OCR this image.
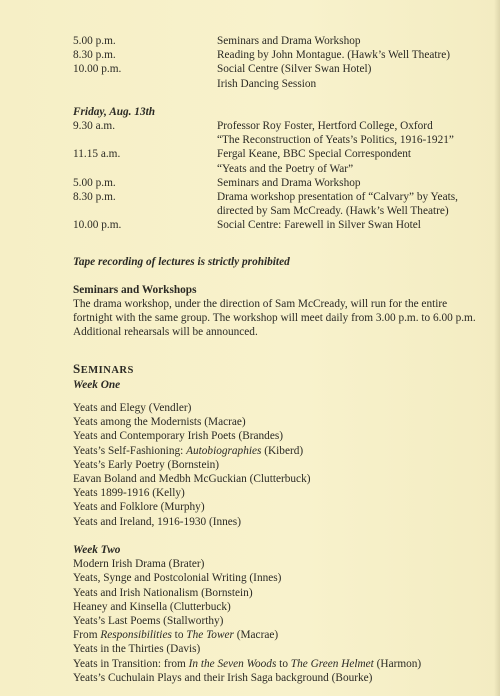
5.00 p.m.	Seminars and Drama Workshop
8.30 p.m.	Reading by John Montague. (Hawk’s Well Theatre)
10.00 p.m.	Social Centre (Silver Swan Hotel)
Irish Dancing Session
Friday, Aug. 13th
9.30 a.m.	Professor Roy Foster, Hertford College, Oxford
“The Reconstruction of Yeats’s Politics, 1916-1921”
11.15 a.m.	Fergal Keane, BBC Special Correspondent
“Yeats and the Poetry of War”
5.00 p.m.	Seminars and Drama Workshop
8.30 p.m.	Drama workshop presentation of “Calvary” by Yeats,
directed by Sam McCready. (Hawk’s Well Theatre)
10.00 p.m.	Social Centre: Farewell in Silver Swan Hotel
Tape recording of lectures is strictly prohibited
Seminars and Workshops

The drama workshop, under the direction of Sam McCready, will run for the entire fortnight with the same group. The workshop will meet daily from 3.00 p.m. to 6.00 p.m. Additional rehearsals will be announced.

SEMINARS
Week One
Yeats and Elegy (Vendler)
Yeats among the Modernists (Macrae)
Yeats and Contemporary Irish Poets (Brandes)
Yeats’s Self-Fashioning: Autobiographies (Kiberd)
Yeats’s Early Poetry (Bornstein)
Eavan Boland and Medbh McGuckian (Clutterbuck)
Yeats 1899-1916 (Kelly)
Yeats and Folklore (Murphy)
Yeats and Ireland, 1916-1930 (Innes)
Week Two
Modern Irish Drama (Brater)
Yeats, Synge and Postcolonial Writing (Innes)
Yeats and Irish Nationalism (Bornstein)
Heaney and Kinsella (Clutterbuck)
Yeats’s Last Poems (Stallworthy)
From Responsibilities to The Tower (Macrae)
Yeats in the Thirties (Davis)
Yeats in Transition: from In the Seven Woods to The Green Helmet (Harmon)
Yeats’s Cuchulain Plays and their Irish Saga background (Bourke)
